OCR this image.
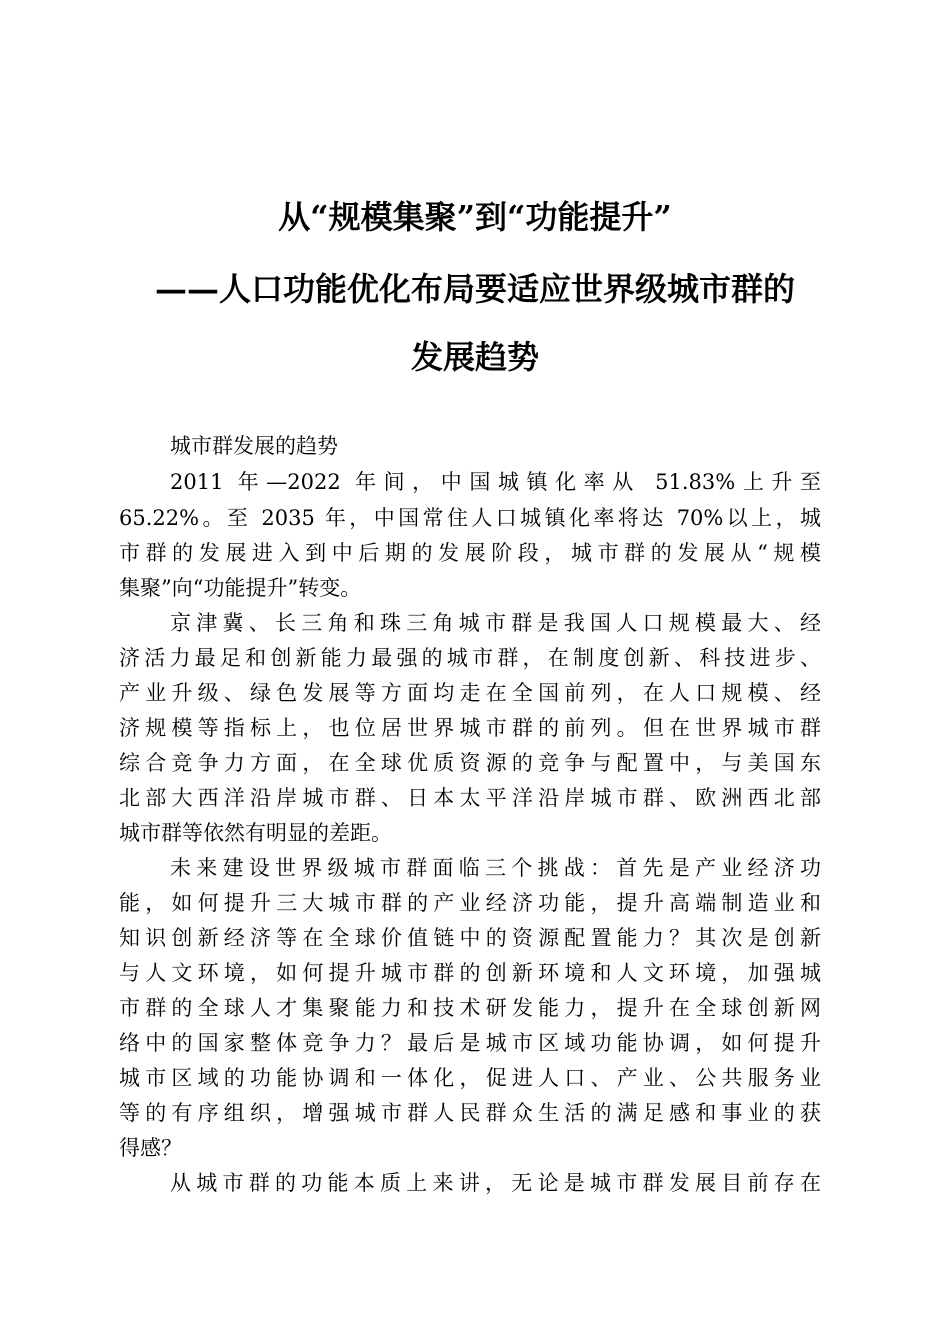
从“规模集聚”到“功能提升”
——人口功能优化布局要适应世界级城市群的
发展趋势
城市群发展的趋势
2011 年—2022 年间，中国城镇化率从 51.83%上升至
65.22%。至 2035 年，中国常住人口城镇化率将达 70%以上，城
市群的发展进入到中后期的发展阶段，城市群的发展从“规模
集聚”向“功能提升”转变。
京津冀、长三角和珠三角城市群是我国人口规模最大、经
济活力最足和创新能力最强的城市群，在制度创新、科技进步、
产业升级、绿色发展等方面均走在全国前列，在人口规模、经
济规模等指标上，也位居世界城市群的前列。但在世界城市群
综合竞争力方面，在全球优质资源的竞争与配置中，与美国东
北部大西洋沿岸城市群、日本太平洋沿岸城市群、欧洲西北部
城市群等依然有明显的差距。
未来建设世界级城市群面临三个挑战：首先是产业经济功
能，如何提升三大城市群的产业经济功能，提升高端制造业和
知识创新经济等在全球价值链中的资源配置能力？其次是创新
与人文环境，如何提升城市群的创新环境和人文环境，加强城
市群的全球人才集聚能力和技术研发能力，提升在全球创新网
络中的国家整体竞争力？最后是城市区域功能协调，如何提升
城市区域的功能协调和一体化，促进人口、产业、公共服务业
等的有序组织，增强城市群人民群众生活的满足感和事业的获
得感？
从城市群的功能本质上来讲，无论是城市群发展目前存在
